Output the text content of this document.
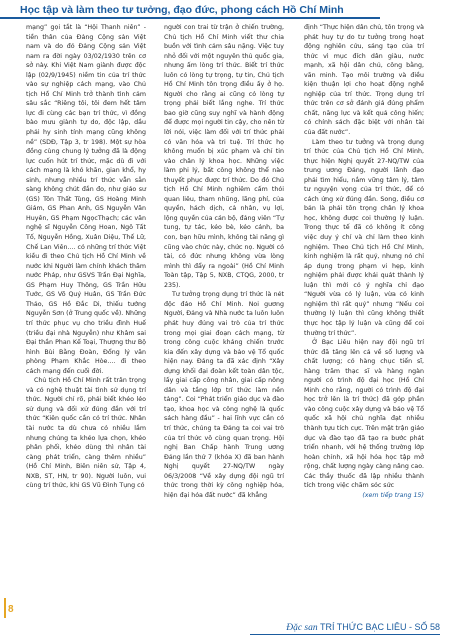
Học tập và làm theo tư tưởng, đạo đức, phong cách Hồ Chí Minh

mạng” gọi tắt là “Hội Thanh niên” - tiền thân của Đảng Cộng sản Việt nam và do đó Đảng Cộng sản Việt nam ra đời ngày 03/02/1930 trên cơ sở này. Khi Việt Nam giành được độc lập (02/9/1945) niềm tin của trí thức vào sự nghiệp cách mạng, vào Chủ tịch Hồ Chí Minh trở thành tình cảm sâu sắc “Riêng tôi, tôi đem hết tâm lực đi cùng các bạn trí thức, vì đồng bào mưu giành tự do, độc lập, dầu phải hy sinh tính mạng cũng không nề” (SDĐ, Tập 3, tr 198). Một sự hòa đồng cùng chung lý tưởng đã là động lực cuốn hút trí thức, mặc dù đi với cách mạng là khó khăn, gian khổ, hy sinh, nhưng nhiều trí thức vẫn sẵn sàng không chút đắn đo, như giáo sư (GS) Tôn Thất Tùng, GS Hoàng Minh Giám, GS Phan Anh, GS Nguyễn Văn Huyên, GS Phạm NgọcThạch; các văn nghệ sĩ Nguyễn Công Hoan, Ngô Tất Tố, Nguyễn Hồng, Xuân Diệu, Thế Lữ, Chế Lan Viên.... có những trí thức Việt kiều đi theo Chủ tịch Hồ Chí Minh về nước khi Người làm chính khách thăm nước Pháp, như GSVS Trần Đại Nghĩa, GS Phạm Huy Thông, GS Trần Hữu Tước, GS Võ Quý Huân, GS Trần Đức Thảo, GS Hồ Đắc Di, thiếu tướng Nguyễn Sơn (ở Trung quốc về). Những trí thức phục vụ cho triều đình Huế (triều đại nhà Nguyễn) như Khâm sai Đại thần Phan Kế Toại, Thượng thư Bộ hình Bùi Bằng Đoàn, Đổng lý văn phòng Phạm Khắc Hòe.... đi theo cách mạng đến cuối đời.

Chủ tịch Hồ Chí Minh rất trân trọng và có nghệ thuật tài tình sử dụng trí thức. Người chỉ rõ, phải biết khéo léo sử dụng và đối xử đúng đắn với trí thức “Kiên quốc cần có trí thức. Nhân tài nước ta dù chưa có nhiều lắm nhưng chúng ta khéo lựa chọn, khéo phân phối, khéo dùng thì nhân tài càng phát triển, càng thêm nhiều” (Hồ Chí Minh, Biên niên sử, Tập 4, NXB, ST, HN, tr 90). Người luôn, vui cùng trí thức, khi GS Vũ Đình Tụng có

người con trai từ trận ở chiến trường, Chủ tịch Hồ Chí Minh viết thư chia buồn với tình cảm sâu nặng. Việc tuy nhỏ đối với một nguyên thủ quốc gia, nhưng ấm lòng trí thức. Biết trí thức luôn có lòng tự trọng, tự tin, Chủ tịch Hồ Chí Minh tôn trọng điều ấy ở họ. Người cho rằng ai cũng có lòng tự trọng phải biết lắng nghe. Trí thức bao giờ cũng suy nghĩ và hành động để được mọi người tin cậy, cho nên từ lời nói, việc làm đối với trí thức phải có văn hóa và tri tuệ. Trí thức họ không muốn bị xúc phạm và chỉ tin vào chân lý khoa học. Những việc làm phi lý, bất công không thể nào thuyết phục được trí thức. Do đó Chủ tịch Hồ Chí Minh nghiêm cấm thói quan liêu, tham nhũng, lãng phí, của quyền, hách dịch, cả nhân, vụ lợi, lộng quyền của cán bộ, đảng viên “Tự tung, tự tác, kéo bè, kéo cánh, ba con, bạn hữu mình, không tài năng gì cũng vào chức này, chức nọ. Người có tài, có đức nhưng không vừa lòng mình thì đẩy ra ngoài” (Hồ Chí Minh Toàn tập, Tập 5, NXB, CTQG, 2000, tr 235).

Tư tưởng trọng dụng trí thức là nét độc đáo Hồ Chí Minh. Noi gương Người, Đảng và Nhà nước ta luôn luôn phát huy đúng vai trò của trí thức trong mọi giai đoạn cách mạng, từ trong công cuộc kháng chiến trước kia đến xây dựng và bảo vệ Tổ quốc hiện nay. Đảng ta đã xác định “Xây dựng khối đại đoàn kết toàn dân tộc, lấy giai cấp công nhân, giai cấp nông dân và tầng lớp trí thức làm nền tảng”. Coi “Phát triển giáo dục và đào tạo, khoa học và công nghệ là quốc sách hàng đầu” - hai lĩnh vực cần có trí thức, chúng ta Đảng ta coi vai trò của trí thức vô cùng quan trọng. Hội nghị Ban Chấp hành Trung ương Đảng lần thứ 7 (khóa X) đã ban hành Nghị quyết 27-NQ/TW ngày 06/3/2008 “Về xây dựng đội ngũ trí thức trong thời kỳ công nghiệp hóa, hiện đại hóa đất nước” đã khẳng

định “Thực hiện dân chủ, tôn trọng và phát huy tự do tư tưởng trong hoạt động nghiên cứu, sáng tạo của trí thức vì mục đích dân giàu, nước mạnh, xã hội dân chủ, công bằng, văn minh. Tạo môi trường và điều kiện thuận lợi cho hoạt động nghề nghiệp của trí thức. Trọng dụng trí thức trên cơ sở đánh giá đúng phẩm chất, năng lực và kết quả công hiến; có chính sách đặc biệt với nhân tài của đất nước”.

Làm theo tư tưởng và trọng dụng trí thức của Chủ tịch Hồ Chí Minh, thực hiện Nghị quyết 27-NQ/TW của trung ương Đảng, người lãnh đạo phải tìm hiểu, nắm vững tâm lý, tâm tư nguyện vọng của trí thức, để có cách ứng xử đúng đắn. Song, điều cơ bản là phải tôn trọng chân lý khoa học, không được coi thường lý luận. Trong thực tế đã có không ít công việc duy ý chí và chỉ làm theo kinh nghiệm. Theo Chủ tịch Hồ Chí Minh, kinh nghiệm là rất quý, nhưng nó chỉ áp dụng trong phạm vi hẹp, kinh nghiệm phải được khái quát thành lý luận thì mới có ý nghĩa chỉ đạo “Người vừa có lý luận, vừa có kinh nghiệm thì rất quý” nhưng “Nếu coi thường lý luận thì cũng không thiết thực học tập lý luận và cũng để coi thường trí thức”.

Ở Bạc Liêu hiện nay đội ngũ trí thức đã tăng lên cả về số lượng và chất lượng; có hàng chục tiến sĩ, hàng trăm thạc sĩ và hàng ngàn người có trình độ đại học (Hồ Chí Minh cho rằng, người có trình độ đại học trở lên là trí thức) đã góp phần vào công cuộc xây dựng và bảo vệ Tổ quốc xã hội chủ nghĩa đạt nhiều thành tựu tích cực. Trên mặt trận giáo dục và đào tạo đã tạo ra bước phát triển nhanh, với hệ thống trường lớp hoàn chỉnh, xã hội hóa học tập mở rộng, chất lượng ngày càng nâng cao. Các thầy thuốc đã lập nhiều thành tích trong việc chăm sóc sức

(xem tiếp trang 15)

8
Đặc san TRÍ THỨC BẠC LIÊU - SỐ 58
